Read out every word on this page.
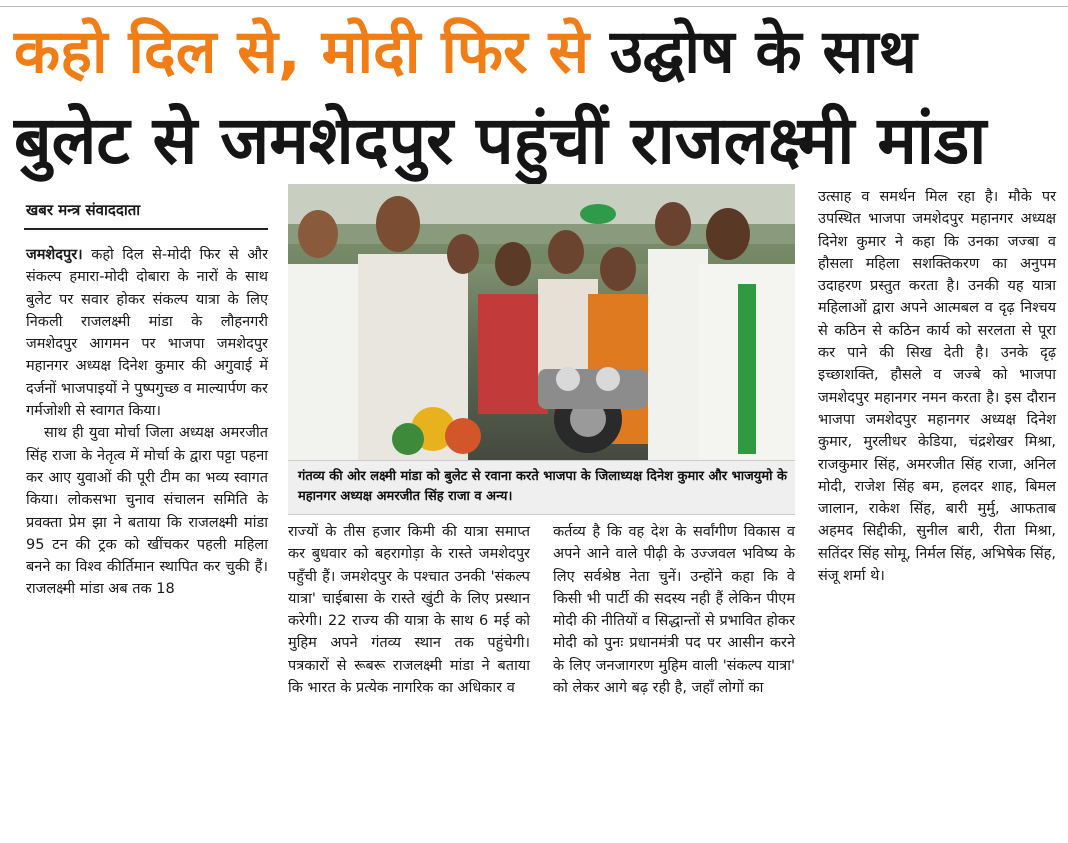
कहो दिल से, मोदी फिर से उद्घोष के साथ
बुलेट से जमशेदपुर पहुंचीं राजलक्ष्मी मांडा
खबर मन्त्र संवाददाता

जमशेदपुर। कहो दिल से-मोदी फिर से और संकल्प हमारा-मोदी दोबारा के नारों के साथ बुलेट पर सवार होकर संकल्प यात्रा के लिए निकली राजलक्ष्मी मांडा के लौहनगरी जमशेदपुर आगमन पर भाजपा जमशेदपुर महानगर अध्यक्ष दिनेश कुमार की अगुवाई में दर्जनों भाजपाइयों ने पुष्पगुच्छ व माल्यार्पण कर गर्मजोशी से स्वागत किया।

साथ ही युवा मोर्चा जिला अध्यक्ष अमरजीत सिंह राजा के नेतृत्व में मोर्चा के द्वारा पट्टा पहना कर आए युवाओं की पूरी टीम का भव्य स्वागत किया। लोकसभा चुनाव संचालन समिति के प्रवक्ता प्रेम झा ने बताया कि राजलक्ष्मी मांडा 95 टन की ट्रक को खींचकर पहली महिला बनने का विश्व कीर्तिमान स्थापित कर चुकी हैं। राजलक्ष्मी मांडा अब तक 18

गंतव्य की ओर लक्ष्मी मांडा को बुलेट से रवाना करते भाजपा के जिलाध्यक्ष दिनेश कुमार और भाजयुमो के महानगर अध्यक्ष अमरजीत सिंह राजा व अन्य।

राज्यों के तीस हजार किमी की यात्रा समाप्त कर बुधवार को बहरागोड़ा के रास्ते जमशेदपुर पहुँची हैं। जमशेदपुर के पश्चात उनकी 'संकल्प यात्रा' चाईबासा के रास्ते खुंटी के लिए प्रस्थान करेगी। 22 राज्य की यात्रा के साथ 6 मई को मुहिम अपने गंतव्य स्थान तक पहुंचेगी। पत्रकारों से रूबरू राजलक्ष्मी मांडा ने बताया कि भारत के प्रत्येक नागरिक का अधिकार व

कर्तव्य है कि वह देश के सर्वांगीण विकास व अपने आने वाले पीढ़ी के उज्जवल भविष्य के लिए सर्वश्रेष्ठ नेता चुनें। उन्होंने कहा कि वे किसी भी पार्टी की सदस्य नही हैं लेकिन पीएम मोदी की नीतियों व सिद्धान्तों से प्रभावित होकर मोदी को पुनः प्रधानमंत्री पद पर आसीन करने के लिए जनजागरण मुहिम वाली 'संकल्प यात्रा' को लेकर आगे बढ़ रही है, जहाँ लोगों का

उत्साह व समर्थन मिल रहा है। मौके पर उपस्थित भाजपा जमशेदपुर महानगर अध्यक्ष दिनेश कुमार ने कहा कि उनका जज्बा व हौसला महिला सशक्तिकरण का अनुपम उदाहरण प्रस्तुत करता है। उनकी यह यात्रा महिलाओं द्वारा अपने आत्मबल व दृढ़ निश्चय से कठिन से कठिन कार्य को सरलता से पूरा कर पाने की सिख देती है। उनके दृढ़ इच्छाशक्ति, हौसले व जज्बे को भाजपा जमशेदपुर महानगर नमन करता है। इस दौरान भाजपा जमशेदपुर महानगर अध्यक्ष दिनेश कुमार, मुरलीधर केडिया, चंद्रशेखर मिश्रा, राजकुमार सिंह, अमरजीत सिंह राजा, अनिल मोदी, राजेश सिंह बम, हलदर शाह, बिमल जालान, राकेश सिंह, बारी मुर्मु, आफताब अहमद सिद्दीकी, सुनील बारी, रीता मिश्रा, सतिंदर सिंह सोमू, निर्मल सिंह, अभिषेक सिंह, संजू शर्मा थे।
